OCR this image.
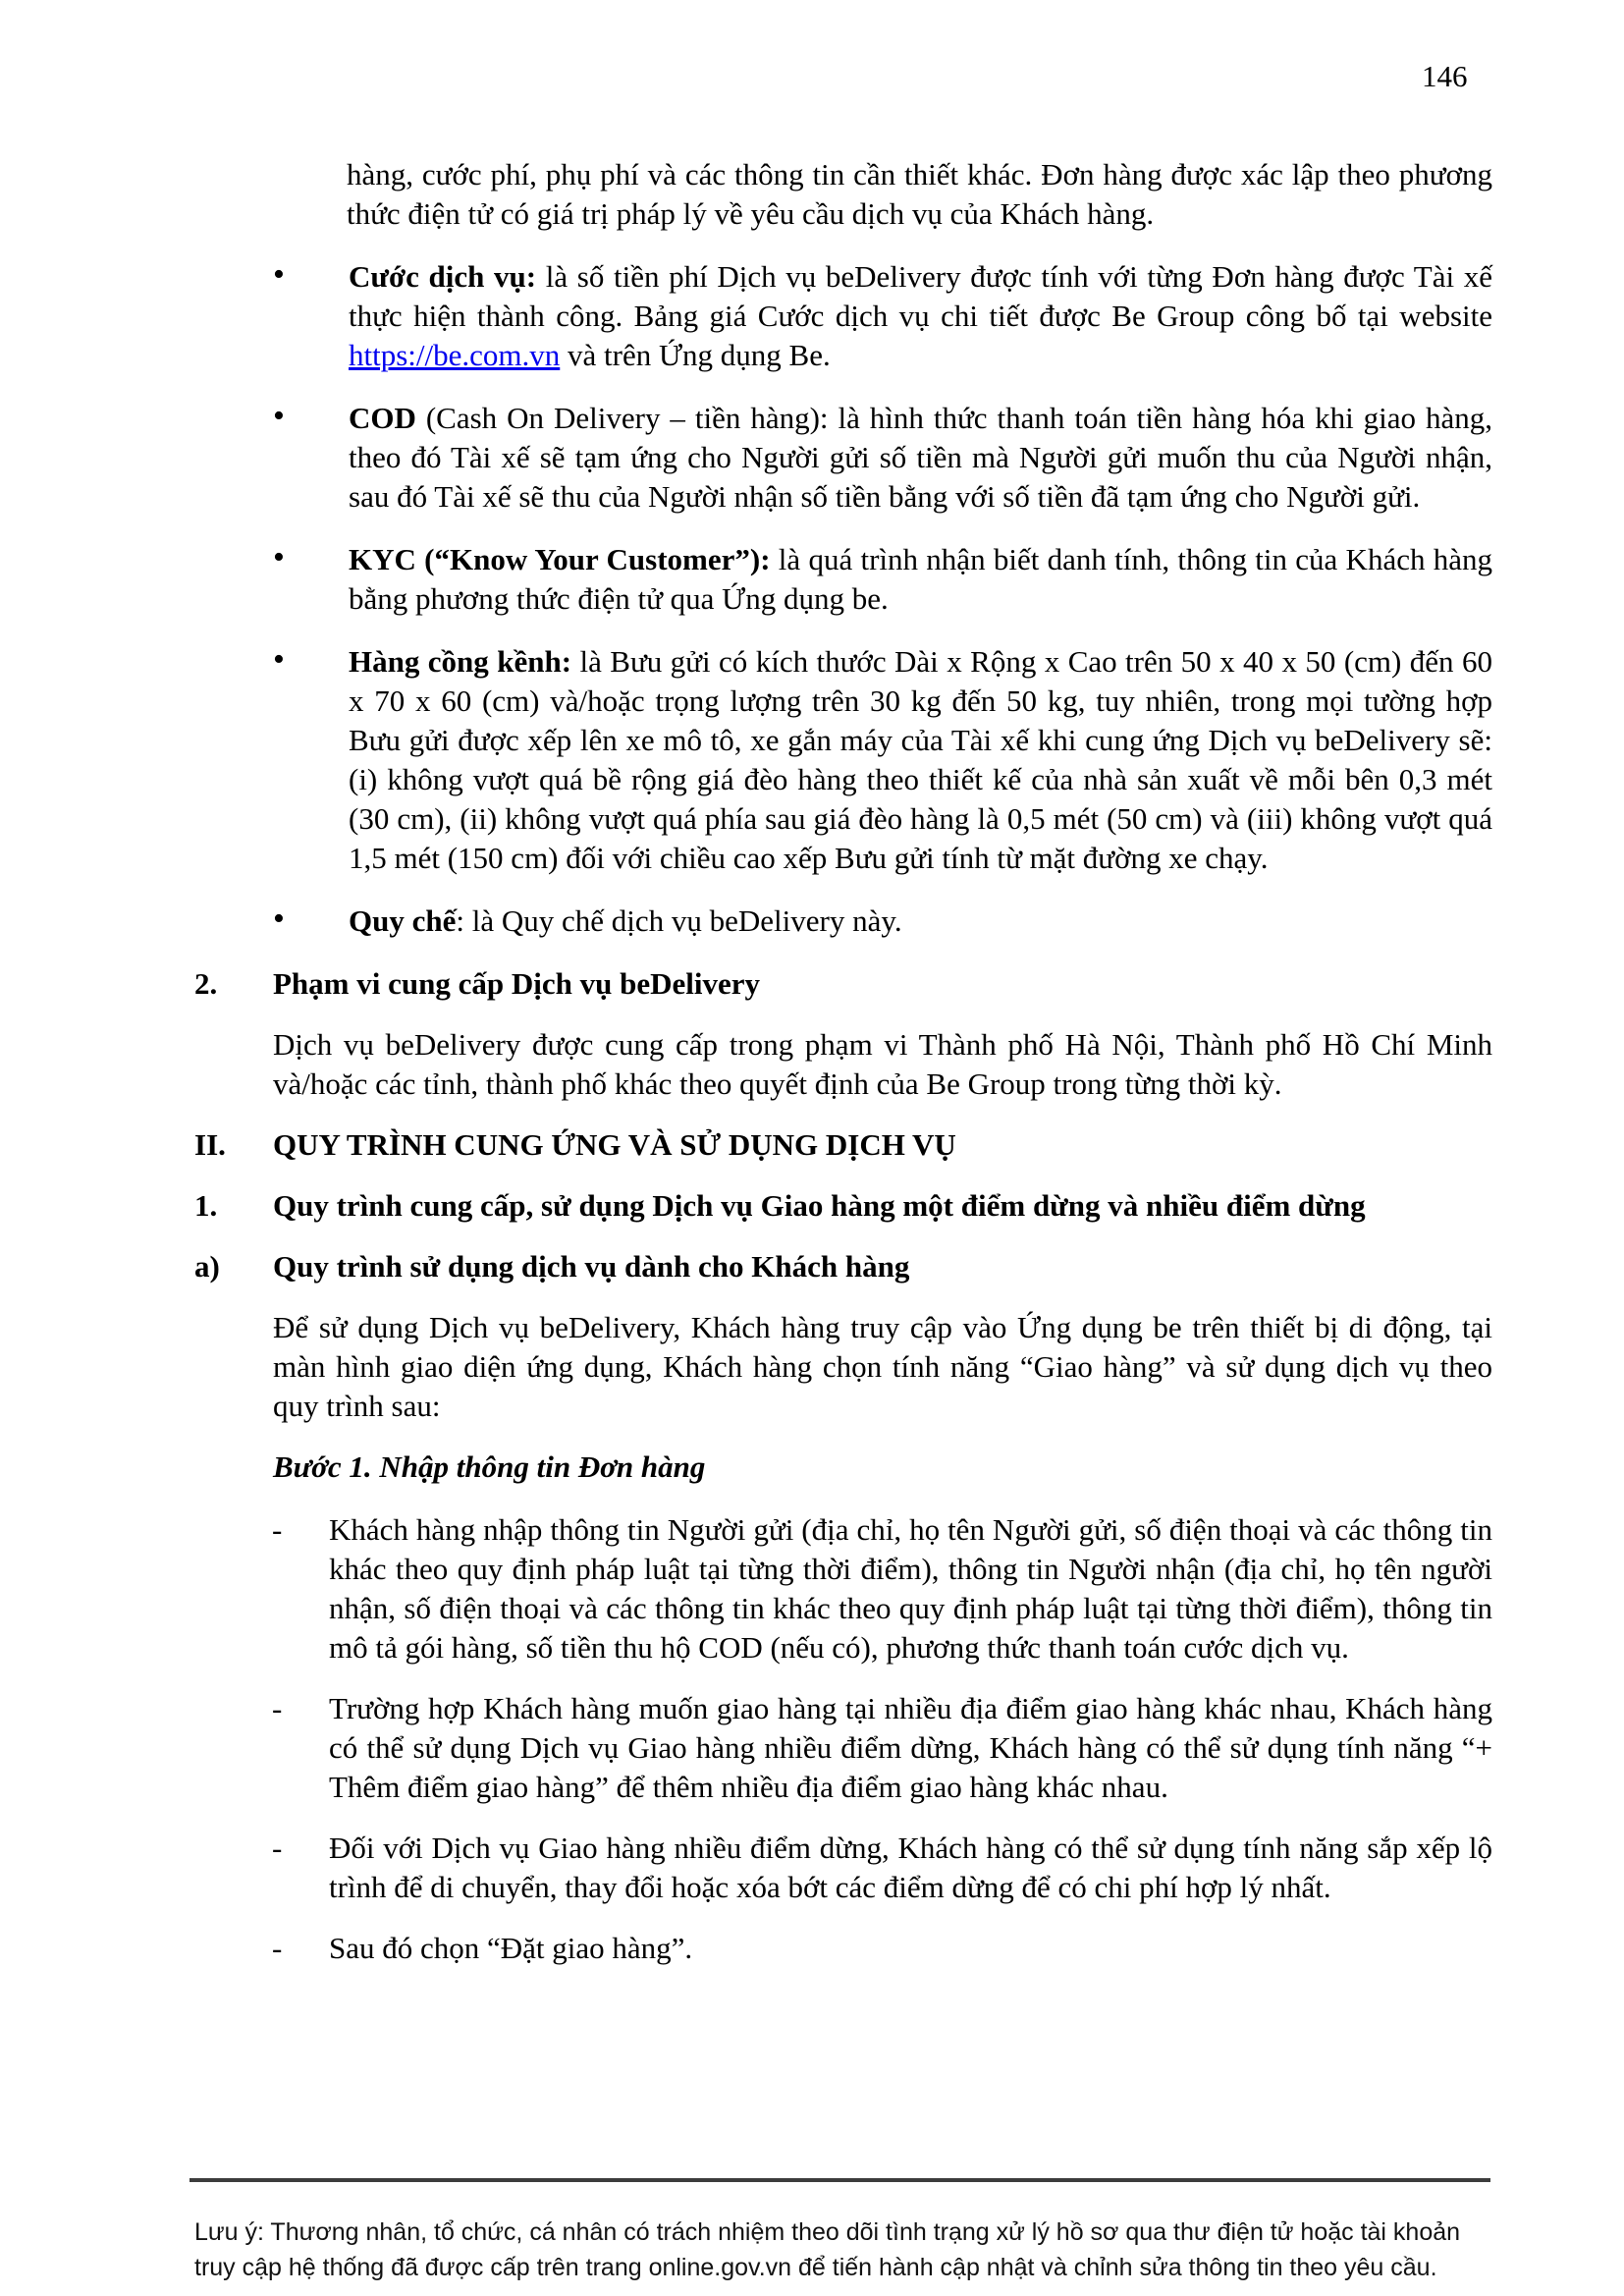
146

hàng, cước phí, phụ phí và các thông tin cần thiết khác. Đơn hàng được xác lập theo phương thức điện tử có giá trị pháp lý về yêu cầu dịch vụ của Khách hàng.

• Cước dịch vụ: là số tiền phí Dịch vụ beDelivery được tính với từng Đơn hàng được Tài xế thực hiện thành công. Bảng giá Cước dịch vụ chi tiết được Be Group công bố tại website https://be.com.vn và trên Ứng dụng Be.
• COD (Cash On Delivery – tiền hàng): là hình thức thanh toán tiền hàng hóa khi giao hàng, theo đó Tài xế sẽ tạm ứng cho Người gửi số tiền mà Người gửi muốn thu của Người nhận, sau đó Tài xế sẽ thu của Người nhận số tiền bằng với số tiền đã tạm ứng cho Người gửi.
• KYC (“Know Your Customer”): là quá trình nhận biết danh tính, thông tin của Khách hàng bằng phương thức điện tử qua Ứng dụng be.
• Hàng cồng kềnh: là Bưu gửi có kích thước Dài x Rộng x Cao trên 50 x 40 x 50 (cm) đến 60 x 70 x 60 (cm) và/hoặc trọng lượng trên 30 kg đến 50 kg, tuy nhiên, trong mọi tường hợp Bưu gửi được xếp lên xe mô tô, xe gắn máy của Tài xế khi cung ứng Dịch vụ beDelivery sẽ: (i) không vượt quá bề rộng giá đèo hàng theo thiết kế của nhà sản xuất về mỗi bên 0,3 mét (30 cm), (ii) không vượt quá phía sau giá đèo hàng là 0,5 mét (50 cm) và (iii) không vượt quá 1,5 mét (150 cm) đối với chiều cao xếp Bưu gửi tính từ mặt đường xe chạy.
• Quy chế: là Quy chế dịch vụ beDelivery này.
2. Phạm vi cung cấp Dịch vụ beDelivery

Dịch vụ beDelivery được cung cấp trong phạm vi Thành phố Hà Nội, Thành phố Hồ Chí Minh và/hoặc các tỉnh, thành phố khác theo quyết định của Be Group trong từng thời kỳ.

II. QUY TRÌNH CUNG ỨNG VÀ SỬ DỤNG DỊCH VỤ
1. Quy trình cung cấp, sử dụng Dịch vụ Giao hàng một điểm dừng và nhiều điểm dừng
a) Quy trình sử dụng dịch vụ dành cho Khách hàng

Để sử dụng Dịch vụ beDelivery, Khách hàng truy cập vào Ứng dụng be trên thiết bị di động, tại màn hình giao diện ứng dụng, Khách hàng chọn tính năng “Giao hàng” và sử dụng dịch vụ theo quy trình sau:

Bước 1. Nhập thông tin Đơn hàng

- Khách hàng nhập thông tin Người gửi (địa chỉ, họ tên Người gửi, số điện thoại và các thông tin khác theo quy định pháp luật tại từng thời điểm), thông tin Người nhận (địa chỉ, họ tên người nhận, số điện thoại và các thông tin khác theo quy định pháp luật tại từng thời điểm), thông tin mô tả gói hàng, số tiền thu hộ COD (nếu có), phương thức thanh toán cước dịch vụ.
- Trường hợp Khách hàng muốn giao hàng tại nhiều địa điểm giao hàng khác nhau, Khách hàng có thể sử dụng Dịch vụ Giao hàng nhiều điểm dừng, Khách hàng có thể sử dụng tính năng “+ Thêm điểm giao hàng” để thêm nhiều địa điểm giao hàng khác nhau.
- Đối với Dịch vụ Giao hàng nhiều điểm dừng, Khách hàng có thể sử dụng tính năng sắp xếp lộ trình để di chuyển, thay đổi hoặc xóa bớt các điểm dừng để có chi phí hợp lý nhất.
- Sau đó chọn “Đặt giao hàng”.

Lưu ý: Thương nhân, tổ chức, cá nhân có trách nhiệm theo dõi tình trạng xử lý hồ sơ qua thư điện tử hoặc tài khoản truy cập hệ thống đã được cấp trên trang online.gov.vn để tiến hành cập nhật và chỉnh sửa thông tin theo yêu cầu.
